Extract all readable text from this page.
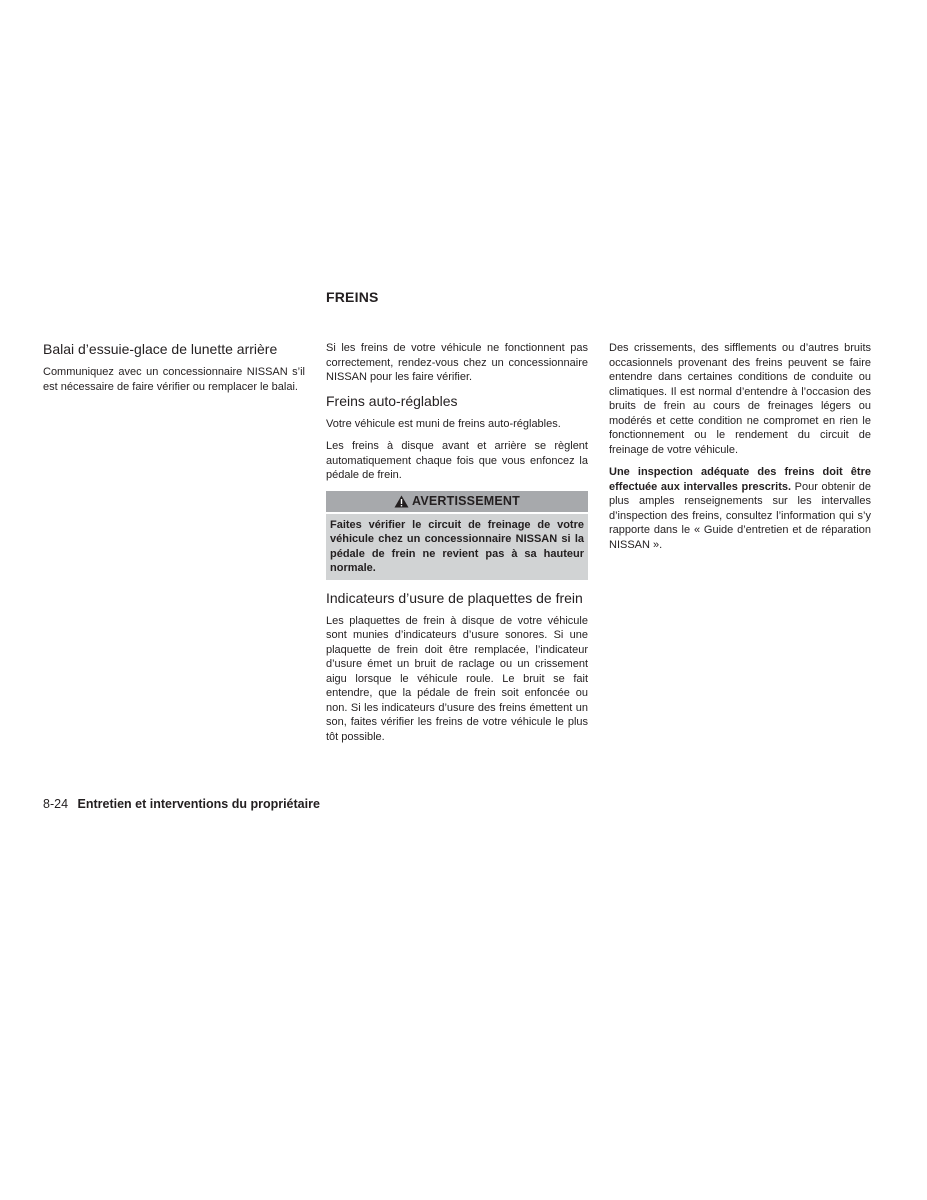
FREINS
Balai d’essuie-glace de lunette arrière

Communiquez avec un concessionnaire NISSAN s’il est nécessaire de faire vérifier ou remplacer le balai.

Si les freins de votre véhicule ne fonctionnent pas correctement, rendez-vous chez un concessionnaire NISSAN pour les faire vérifier.

Freins auto-réglables

Votre véhicule est muni de freins auto-réglables.

Les freins à disque avant et arrière se règlent automatiquement chaque fois que vous enfoncez la pédale de frein.

AVERTISSEMENT
Faites vérifier le circuit de freinage de votre véhicule chez un concessionnaire NISSAN si la pédale de frein ne revient pas à sa hauteur normale.
Indicateurs d’usure de plaquettes de frein

Les plaquettes de frein à disque de votre véhicule sont munies d’indicateurs d’usure sonores. Si une plaquette de frein doit être remplacée, l’indicateur d’usure émet un bruit de raclage ou un crissement aigu lorsque le véhicule roule. Le bruit se fait entendre, que la pédale de frein soit enfoncée ou non. Si les indicateurs d’usure des freins émettent un son, faites vérifier les freins de votre véhicule le plus tôt possible.

Des crissements, des sifflements ou d’autres bruits occasionnels provenant des freins peuvent se faire entendre dans certaines conditions de conduite ou climatiques. Il est normal d’entendre à l’occasion des bruits de frein au cours de freinages légers ou modérés et cette condition ne compromet en rien le fonctionnement ou le rendement du circuit de freinage de votre véhicule.

Une inspection adéquate des freins doit être effectuée aux intervalles prescrits. Pour obtenir de plus amples renseignements sur les intervalles d’inspection des freins, consultez l’information qui s’y rapporte dans le « Guide d’entretien et de réparation NISSAN ».

8-24 Entretien et interventions du propriétaire
